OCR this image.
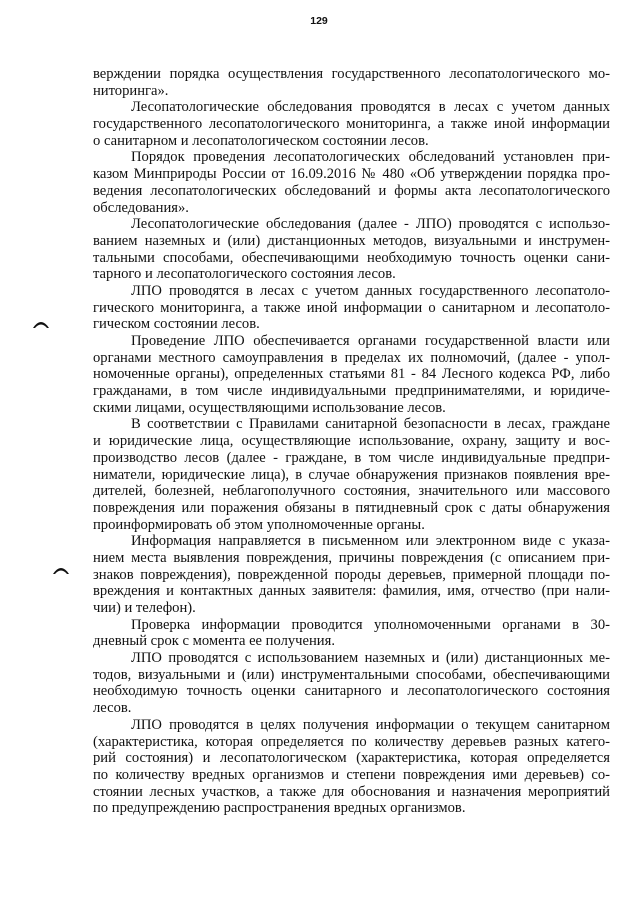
129
верждении порядка осуществления государственного лесопатологического мо-
ниторинга».
Лесопатологические обследования проводятся в лесах с учетом данных
государственного лесопатологического мониторинга, а также иной информации
о санитарном и лесопатологическом состоянии лесов.
Порядок проведения лесопатологических обследований установлен при-
казом Минприроды России от 16.09.2016 № 480 «Об утверждении порядка про-
ведения лесопатологических обследований и формы акта лесопатологического
обследования».
Лесопатологические обследования (далее - ЛПО) проводятся с использо-
ванием наземных и (или) дистанционных методов, визуальными и инструмен-
тальными способами, обеспечивающими необходимую точность оценки сани-
тарного и лесопатологического состояния лесов.
ЛПО проводятся в лесах с учетом данных государственного лесопатоло-
гического мониторинга, а также иной информации о санитарном и лесопатоло-
гическом состоянии лесов.
Проведение ЛПО обеспечивается органами государственной власти или
органами местного самоуправления в пределах их полномочий, (далее - упол-
номоченные органы), определенных статьями 81 - 84 Лесного кодекса РФ, либо
гражданами, в том числе индивидуальными предпринимателями, и юридиче-
скими лицами, осуществляющими использование лесов.
В соответствии с Правилами санитарной безопасности в лесах, граждане
и юридические лица, осуществляющие использование, охрану, защиту и вос-
производство лесов (далее - граждане, в том числе индивидуальные предпри-
ниматели, юридические лица), в случае обнаружения признаков появления вре-
дителей, болезней, неблагополучного состояния, значительного или массового
повреждения или поражения обязаны в пятидневный срок с даты обнаружения
проинформировать об этом уполномоченные органы.
Информация направляется в письменном или электронном виде с указа-
нием места выявления повреждения, причины повреждения (с описанием при-
знаков повреждения), поврежденной породы деревьев, примерной площади по-
вреждения и контактных данных заявителя: фамилия, имя, отчество (при нали-
чии) и телефон).
Проверка информации проводится уполномоченными органами в 30-
дневный срок с момента ее получения.
ЛПО проводятся с использованием наземных и (или) дистанционных ме-
тодов, визуальными и (или) инструментальными способами, обеспечивающими
необходимую точность оценки санитарного и лесопатологического состояния
лесов.
ЛПО проводятся в целях получения информации о текущем санитарном
(характеристика, которая определяется по количеству деревьев разных катего-
рий состояния) и лесопатологическом (характеристика, которая определяется
по количеству вредных организмов и степени повреждения ими деревьев) со-
стоянии лесных участков, а также для обоснования и назначения мероприятий
по предупреждению распространения вредных организмов.
